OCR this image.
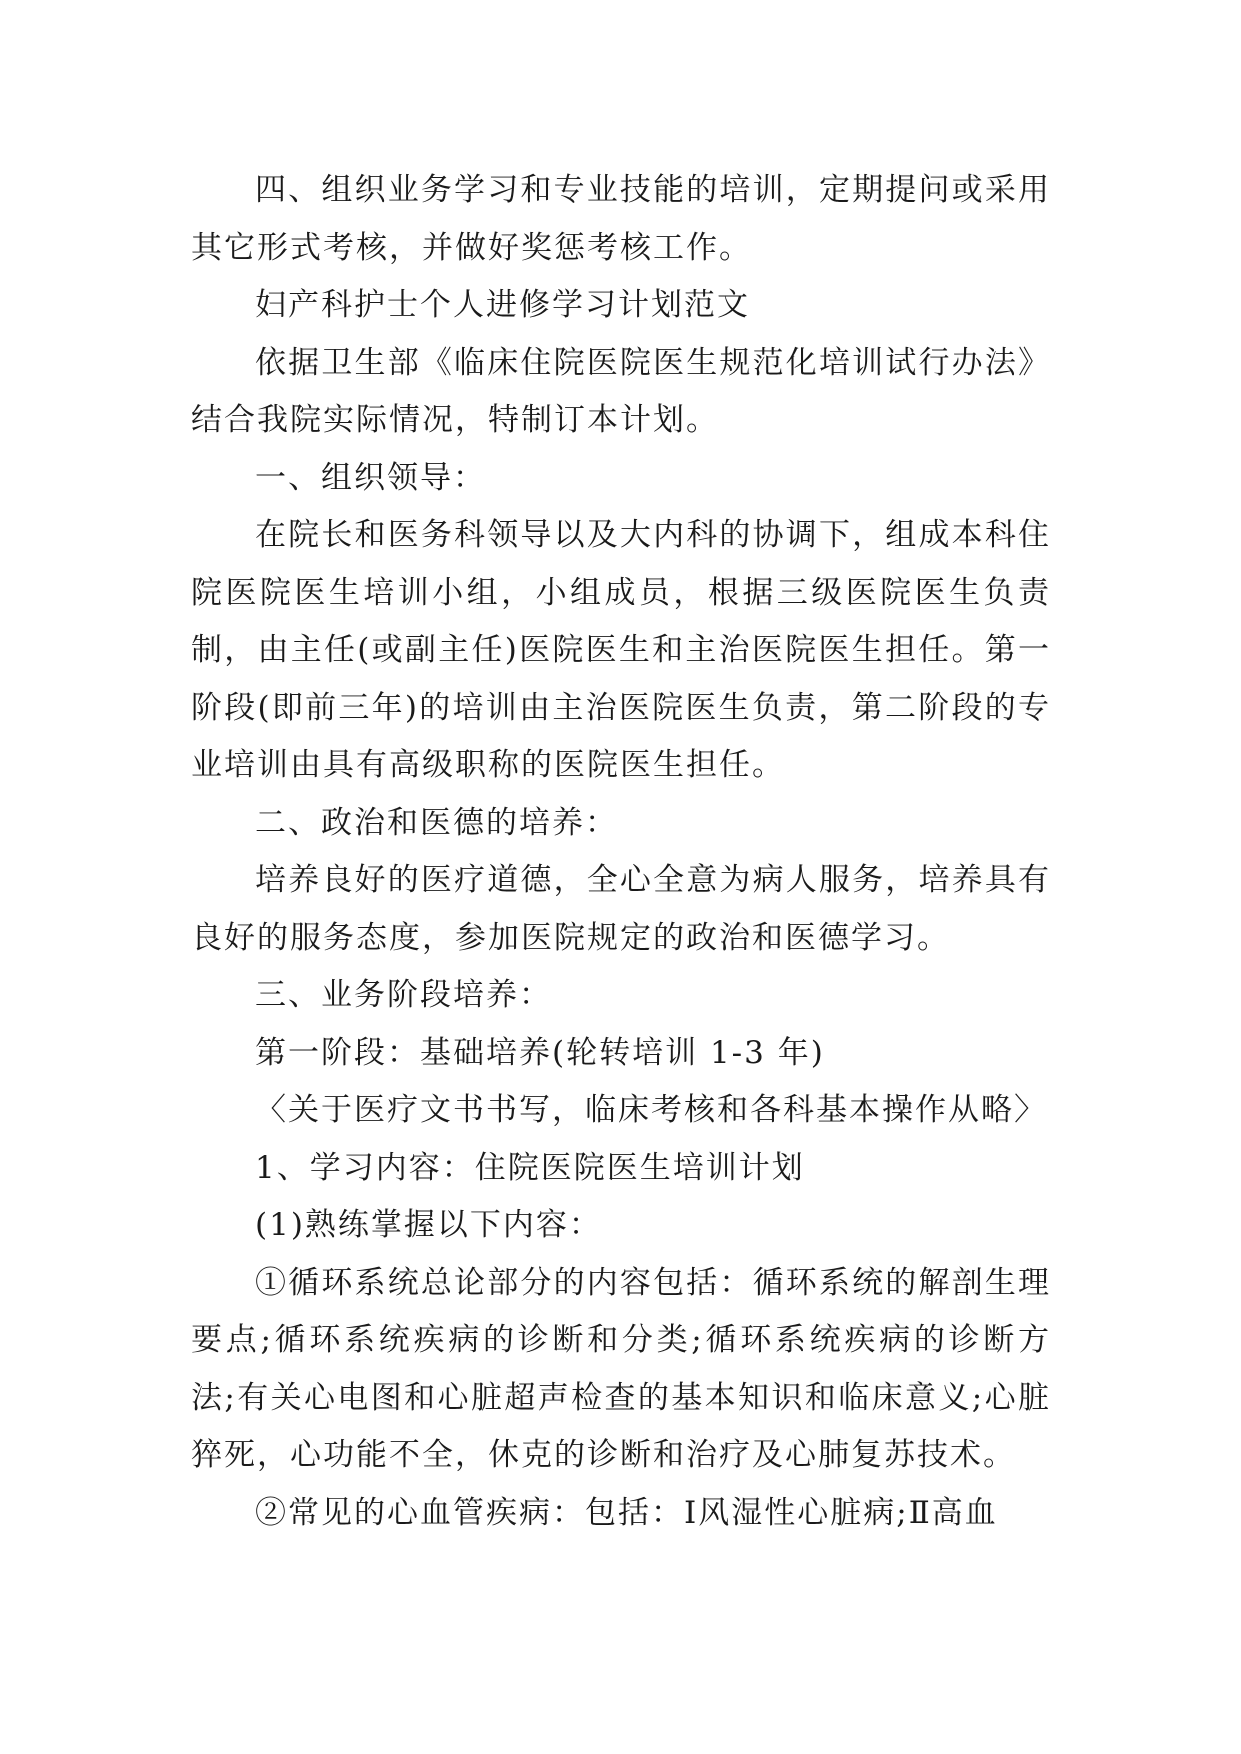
四、组织业务学习和专业技能的培训，定期提问或采用其它形式考核，并做好奖惩考核工作。

妇产科护士个人进修学习计划范文

依据卫生部《临床住院医院医生规范化培训试行办法》结合我院实际情况，特制订本计划。

一、组织领导：

在院长和医务科领导以及大内科的协调下，组成本科住院医院医生培训小组，小组成员，根据三级医院医生负责制，由主任(或副主任)医院医生和主治医院医生担任。第一阶段(即前三年)的培训由主治医院医生负责，第二阶段的专业培训由具有高级职称的医院医生担任。

二、政治和医德的培养：

培养良好的医疗道德，全心全意为病人服务，培养具有良好的服务态度，参加医院规定的政治和医德学习。

三、业务阶段培养：

第一阶段：基础培养(轮转培训 1-3 年)

〈关于医疗文书书写，临床考核和各科基本操作从略〉

1、学习内容：住院医院医生培训计划

(1)熟练掌握以下内容：

①循环系统总论部分的内容包括：循环系统的解剖生理要点;循环系统疾病的诊断和分类;循环系统疾病的诊断方法;有关心电图和心脏超声检查的基本知识和临床意义;心脏猝死，心功能不全，休克的诊断和治疗及心肺复苏技术。

②常见的心血管疾病：包括：Ⅰ风湿性心脏病;Ⅱ高血
